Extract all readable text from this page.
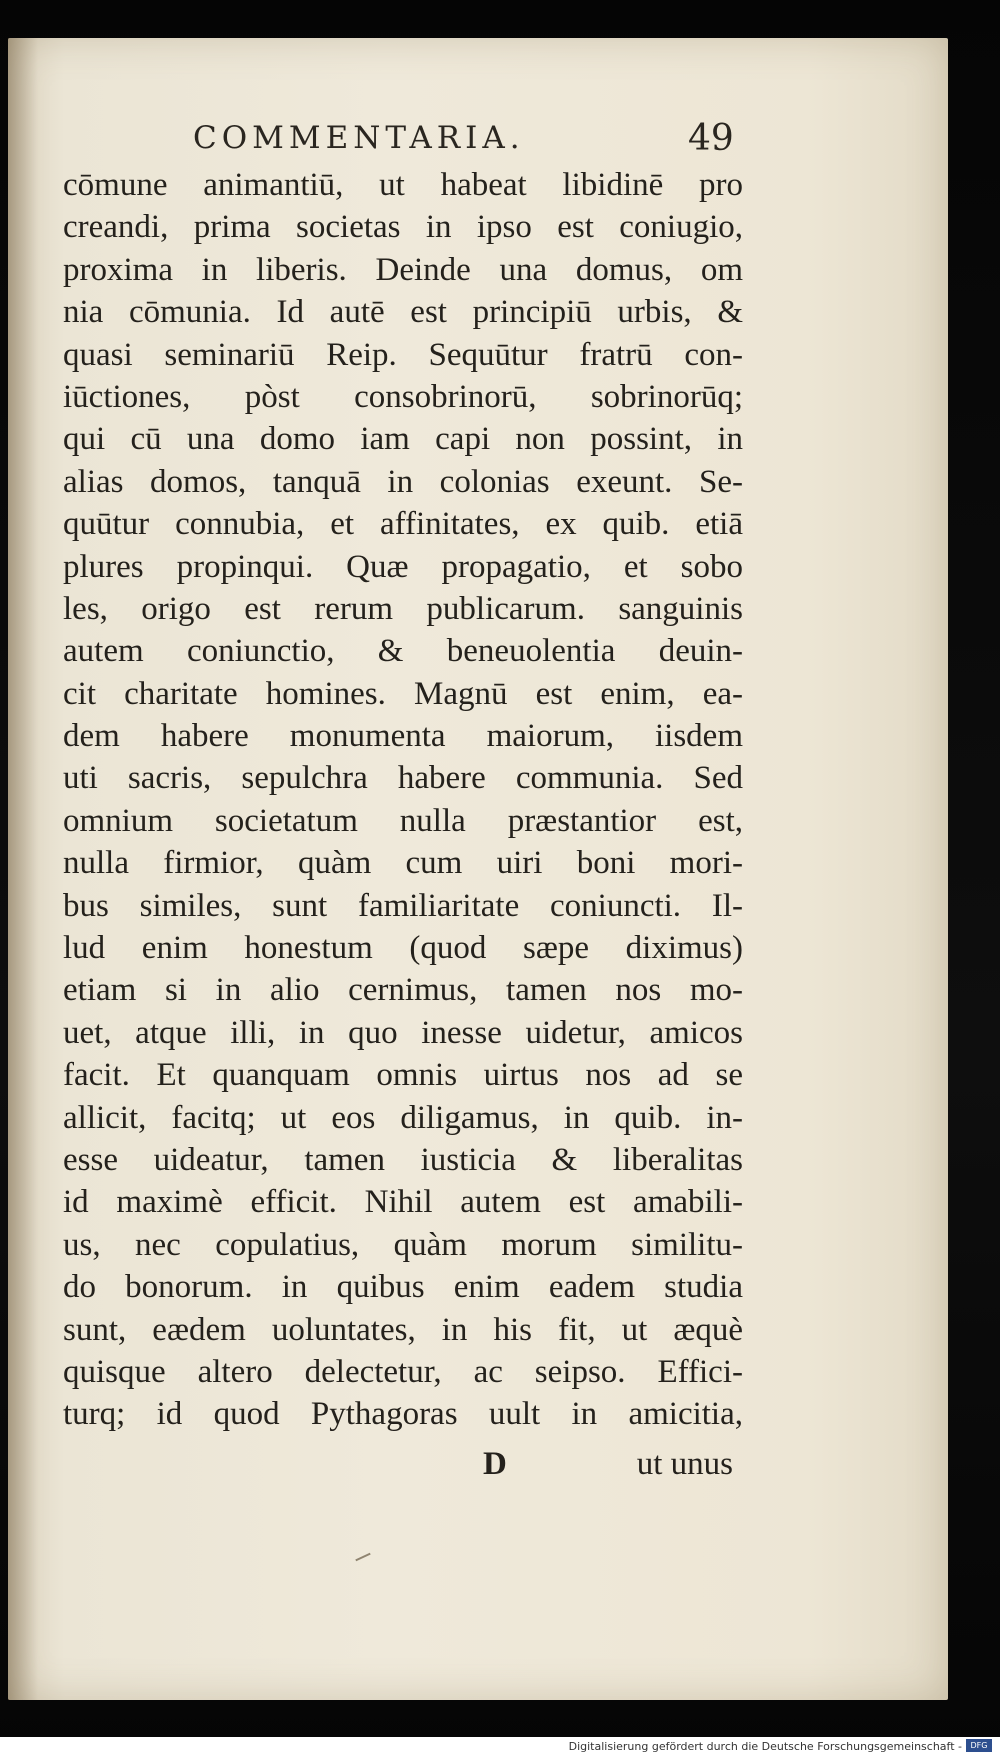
COMMENTARIA.	49
cōmune animantiū, ut habeat libidinē pro
creandi, prima societas in ipso est coniugio,
proxima in liberis. Deinde una domus, om
nia cōmunia. Id autē est principiū urbis, &
quasi seminariū Reip. Sequūtur fratrū con-
iūctiones, pòst consobrinorū, sobrinorūq;
qui cū una domo iam capi non possint, in
alias domos, tanquā in colonias exeunt. Se-
quūtur connubia, et affinitates, ex quib. etiā
plures propinqui. Quæ propagatio, et sobo
les, origo est rerum publicarum. sanguinis
autem coniunctio, & beneuolentia deuin-
cit charitate homines. Magnū est enim, ea-
dem habere monumenta maiorum, iisdem
uti sacris, sepulchra habere communia. Sed
omnium societatum nulla præstantior est,
nulla firmior, quàm cum uiri boni mori-
bus similes, sunt familiaritate coniuncti. Il-
lud enim honestum (quod sæpe diximus)
etiam si in alio cernimus, tamen nos mo-
uet, atque illi, in quo inesse uidetur, amicos
facit. Et quanquam omnis uirtus nos ad se
allicit, facitq; ut eos diligamus, in quib. in-
esse uideatur, tamen iusticia & liberalitas
id maximè efficit. Nihil autem est amabili-
us, nec copulatius, quàm morum similitu-
do bonorum. in quibus enim eadem studia
sunt, eædem uoluntates, in his fit, ut æquè
quisque altero delectetur, ac seipso. Effici-
turq; id quod Pythagoras uult in amicitia,
D	ut unus
Digitalisierung gefördert durch die Deutsche Forschungsgemeinschaft -	DFG
